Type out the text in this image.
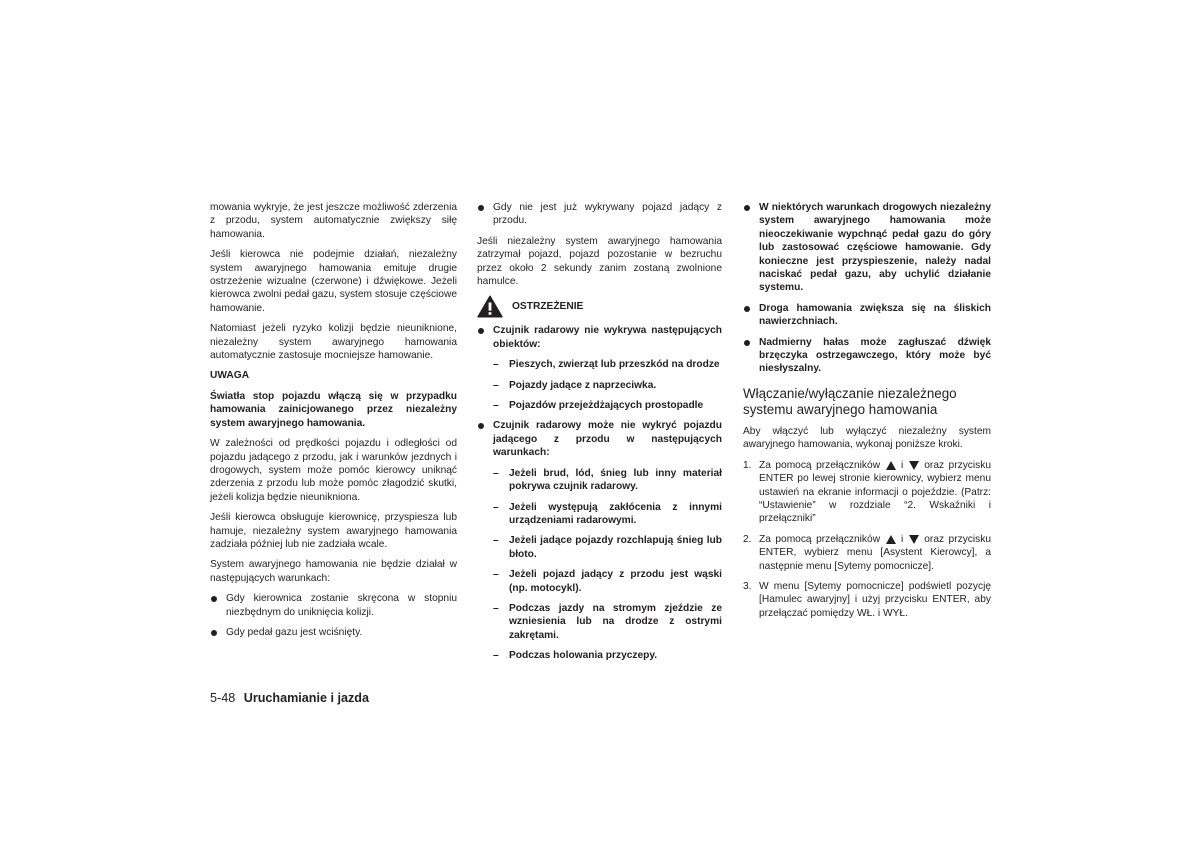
mowania wykryje, że jest jeszcze możliwość zderzenia z przodu, system automatycznie zwiększy siłę hamowania.

Jeśli kierowca nie podejmie działań, niezależny system awaryjnego hamowania emituje drugie ostrzeżenie wizualne (czerwone) i dźwiękowe. Jeżeli kierowca zwolni pedał gazu, system stosuje częściowe hamowanie.

Natomiast jeżeli ryzyko kolizji będzie nieuniknione, niezależny system awaryjnego hamowania automatycznie zastosuje mocniejsze hamowanie.

UWAGA

Światła stop pojazdu włączą się w przypadku hamowania zainicjowanego przez niezależny system awaryjnego hamowania.

W zależności od prędkości pojazdu i odległości od pojazdu jadącego z przodu, jak i warunków jezdnych i drogowych, system może pomóc kierowcy uniknąć zderzenia z przodu lub może pomóc złagodzić skutki, jeżeli kolizja będzie nieunikniona.

Jeśli kierowca obsługuje kierownicę, przyspiesza lub hamuje, niezależny system awaryjnego hamowania zadziała później lub nie zadziała wcale.

System awaryjnego hamowania nie będzie działał w następujących warunkach:

Gdy kierownica zostanie skręcona w stopniu niezbędnym do uniknięcia kolizji.
Gdy pedał gazu jest wciśnięty.
Gdy nie jest już wykrywany pojazd jadący z przodu.

Jeśli niezależny system awaryjnego hamowania zatrzymał pojazd, pojazd pozostanie w bezruchu przez około 2 sekundy zanim zostaną zwolnione hamulce.

OSTRZEŻENIE
Czujnik radarowy nie wykrywa następujących obiektów:
– Pieszych, zwierząt lub przeszkód na drodze
– Pojazdy jadące z naprzeciwka.
– Pojazdów przejeżdżających prostopadle
Czujnik radarowy może nie wykryć pojazdu jadącego z przodu w następujących warunkach:
– Jeżeli brud, lód, śnieg lub inny materiał pokrywa czujnik radarowy.
– Jeżeli występują zakłócenia z innymi urządzeniami radarowymi.
– Jeżeli jadące pojazdy rozchlapują śnieg lub błoto.
– Jeżeli pojazd jadący z przodu jest wąski (np. motocykl).
– Podczas jazdy na stromym zjeździe ze wzniesienia lub na drodze z ostrymi zakrętami.
– Podczas holowania przyczepy.
W niektórych warunkach drogowych niezależny system awaryjnego hamowania może nieoczekiwanie wypchnąć pedał gazu do góry lub zastosować częściowe hamowanie. Gdy konieczne jest przyspieszenie, należy nadal naciskać pedał gazu, aby uchylić działanie systemu.
Droga hamowania zwiększa się na śliskich nawierzchniach.
Nadmierny hałas może zagłuszać dźwięk brzęczyka ostrzegawczego, który może być niesłyszalny.
Włączanie/wyłączanie niezależnego systemu awaryjnego hamowania

Aby włączyć lub wyłączyć niezależny system awaryjnego hamowania, wykonaj poniższe kroki.

1. Za pomocą przełączników i oraz przycisku ENTER po lewej stronie kierownicy, wybierz menu ustawień na ekranie informacji o pojeździe. (Patrz: “Ustawienie” w rozdziale “2. Wskaźniki i przełączniki”
2. Za pomocą przełączników i oraz przycisku ENTER, wybierz menu [Asystent Kierowcy], a następnie menu [Sytemy pomocnicze].
3. W menu [Sytemy pomocnicze] podświetl pozycję [Hamulec awaryjny] i użyj przycisku ENTER, aby przełączać pomiędzy WŁ. i WYŁ.
5-48 Uruchamianie i jazda
